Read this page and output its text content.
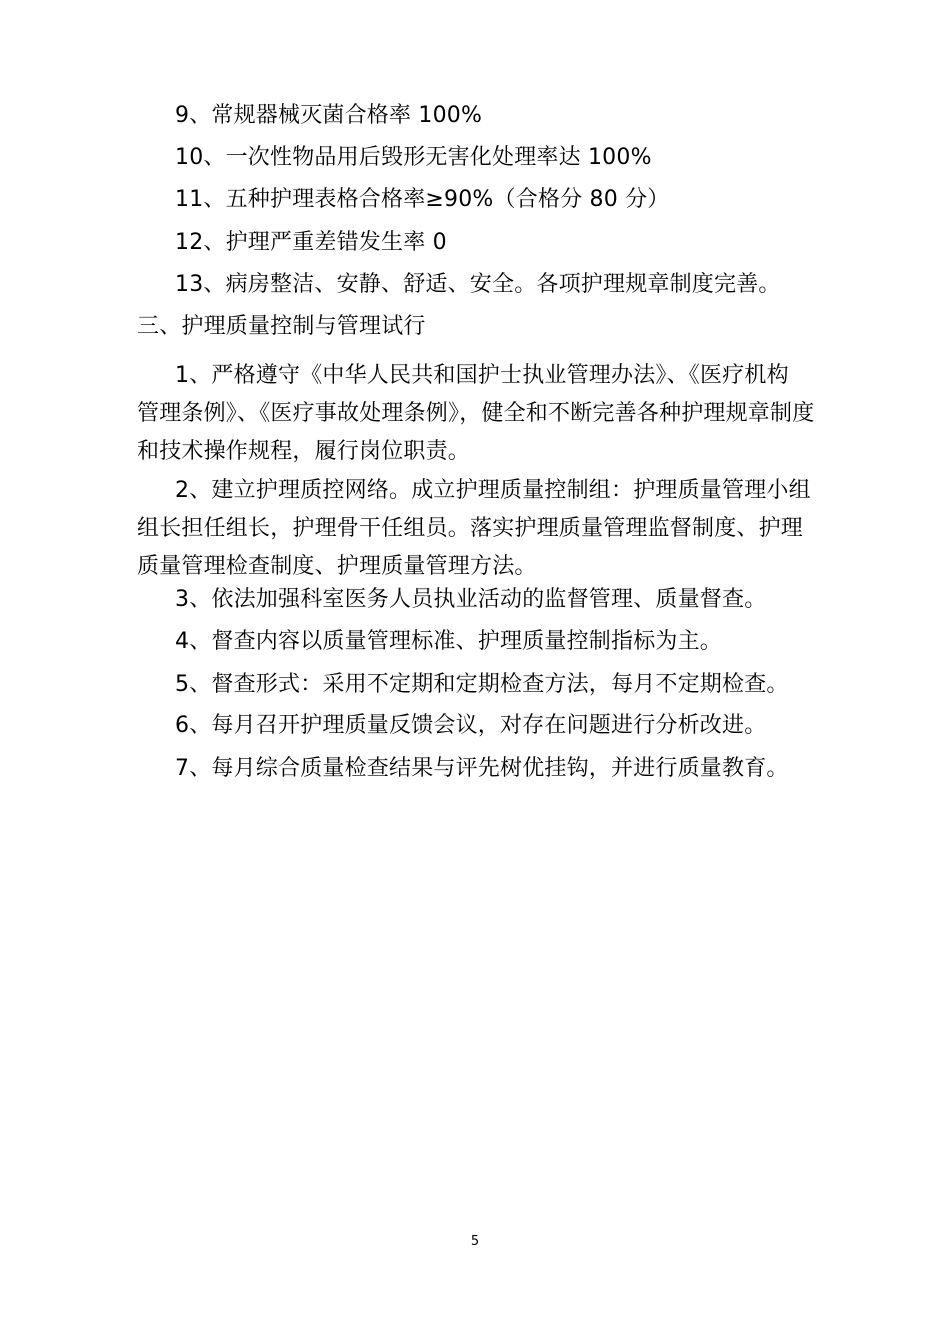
9、常规器械灭菌合格率 100%
10、一次性物品用后毁形无害化处理率达 100%
11、五种护理表格合格率≥90%（合格分 80 分）
12、护理严重差错发生率 0
13、病房整洁、安静、舒适、安全。各项护理规章制度完善。
三、护理质量控制与管理试行
1、严格遵守《中华人民共和国护士执业管理办法》、《医疗机构
管理条例》、《医疗事故处理条例》，健全和不断完善各种护理规章制度
和技术操作规程，履行岗位职责。
2、建立护理质控网络。成立护理质量控制组：护理质量管理小组
组长担任组长，护理骨干任组员。落实护理质量管理监督制度、护理
质量管理检查制度、护理质量管理方法。
3、依法加强科室医务人员执业活动的监督管理、质量督查。
4、督查内容以质量管理标准、护理质量控制指标为主。
5、督查形式：采用不定期和定期检查方法，每月不定期检查。
6、每月召开护理质量反馈会议，对存在问题进行分析改进。
7、每月综合质量检查结果与评先树优挂钩，并进行质量教育。
5
